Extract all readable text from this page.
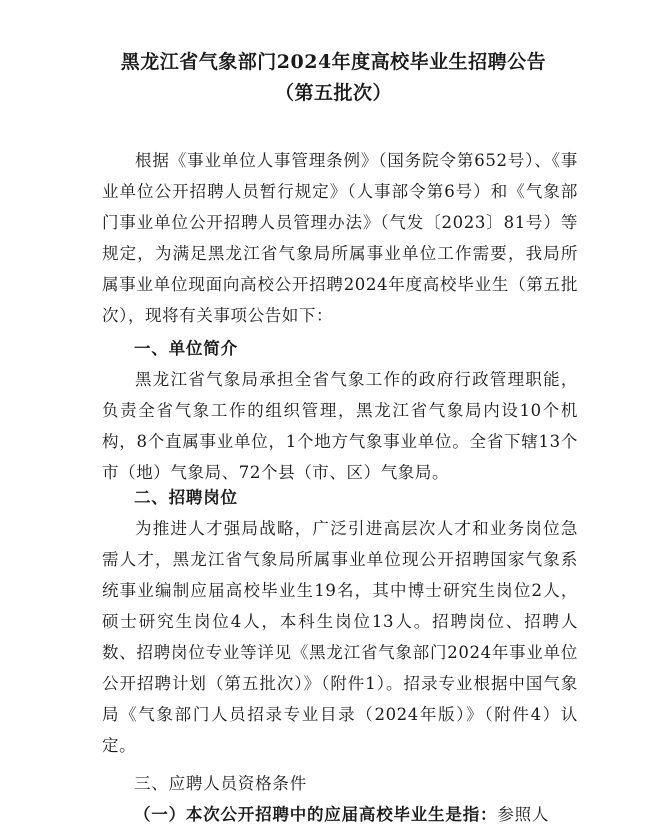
黑龙江省气象部门2024年度高校毕业生招聘公告
（第五批次）

根据《事业单位人事管理条例》（国务院令第652号）、《事业单位公开招聘人员暂行规定》（人事部令第6号）和《气象部门事业单位公开招聘人员管理办法》（气发〔2023〕81号）等规定，为满足黑龙江省气象局所属事业单位工作需要，我局所属事业单位现面向高校公开招聘2024年度高校毕业生（第五批次），现将有关事项公告如下：

一、单位简介

黑龙江省气象局承担全省气象工作的政府行政管理职能，负责全省气象工作的组织管理，黑龙江省气象局内设10个机构，8个直属事业单位，1个地方气象事业单位。全省下辖13个市（地）气象局、72个县（市、区）气象局。

二、招聘岗位

为推进人才强局战略，广泛引进高层次人才和业务岗位急需人才，黑龙江省气象局所属事业单位现公开招聘国家气象系统事业编制应届高校毕业生19名，其中博士研究生岗位2人，硕士研究生岗位4人，本科生岗位13人。招聘岗位、招聘人数、招聘岗位专业等详见《黑龙江省气象部门2024年事业单位公开招聘计划（第五批次）》（附件1）。招录专业根据中国气象局《气象部门人员招录专业目录（2024年版）》（附件4）认定。

三、应聘人员资格条件

（一）本次公开招聘中的应届高校毕业生是指：参照人
